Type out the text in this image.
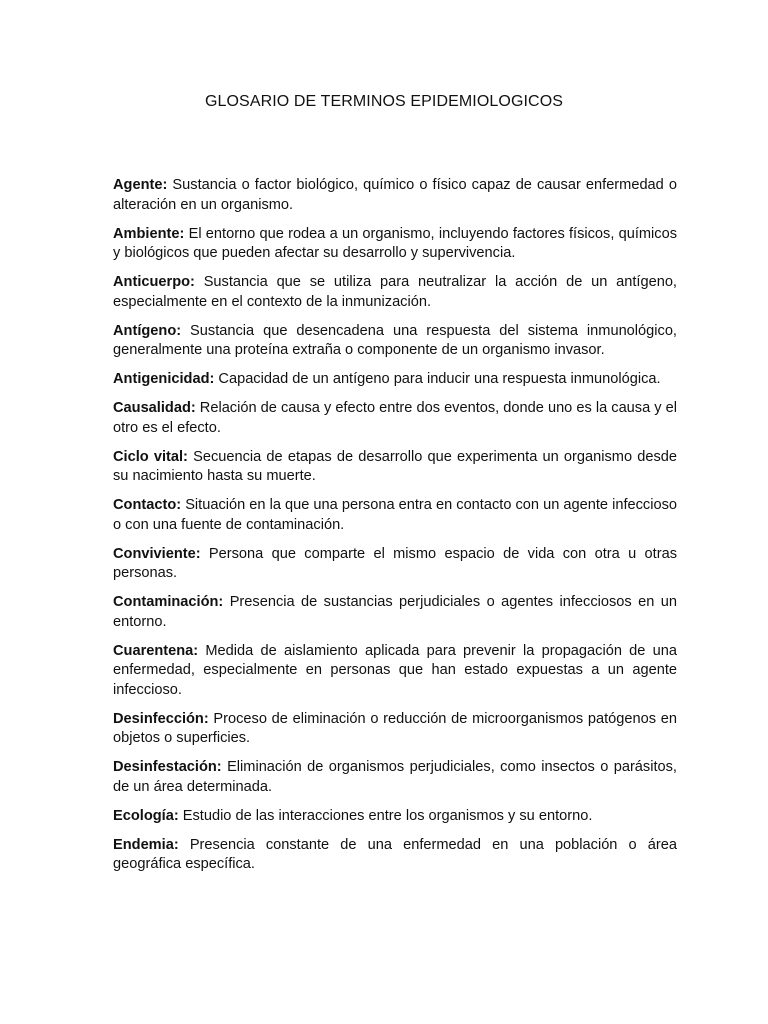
GLOSARIO DE TERMINOS EPIDEMIOLOGICOS
Agente: Sustancia o factor biológico, químico o físico capaz de causar enfermedad o alteración en un organismo.
Ambiente: El entorno que rodea a un organismo, incluyendo factores físicos, químicos y biológicos que pueden afectar su desarrollo y supervivencia.
Anticuerpo: Sustancia que se utiliza para neutralizar la acción de un antígeno, especialmente en el contexto de la inmunización.
Antígeno: Sustancia que desencadena una respuesta del sistema inmunológico, generalmente una proteína extraña o componente de un organismo invasor.
Antigenicidad: Capacidad de un antígeno para inducir una respuesta inmunológica.
Causalidad: Relación de causa y efecto entre dos eventos, donde uno es la causa y el otro es el efecto.
Ciclo vital: Secuencia de etapas de desarrollo que experimenta un organismo desde su nacimiento hasta su muerte.
Contacto: Situación en la que una persona entra en contacto con un agente infeccioso o con una fuente de contaminación.
Conviviente: Persona que comparte el mismo espacio de vida con otra u otras personas.
Contaminación: Presencia de sustancias perjudiciales o agentes infecciosos en un entorno.
Cuarentena: Medida de aislamiento aplicada para prevenir la propagación de una enfermedad, especialmente en personas que han estado expuestas a un agente infeccioso.
Desinfección: Proceso de eliminación o reducción de microorganismos patógenos en objetos o superficies.
Desinfestación: Eliminación de organismos perjudiciales, como insectos o parásitos, de un área determinada.
Ecología: Estudio de las interacciones entre los organismos y su entorno.
Endemia: Presencia constante de una enfermedad en una población o área geográfica específica.
